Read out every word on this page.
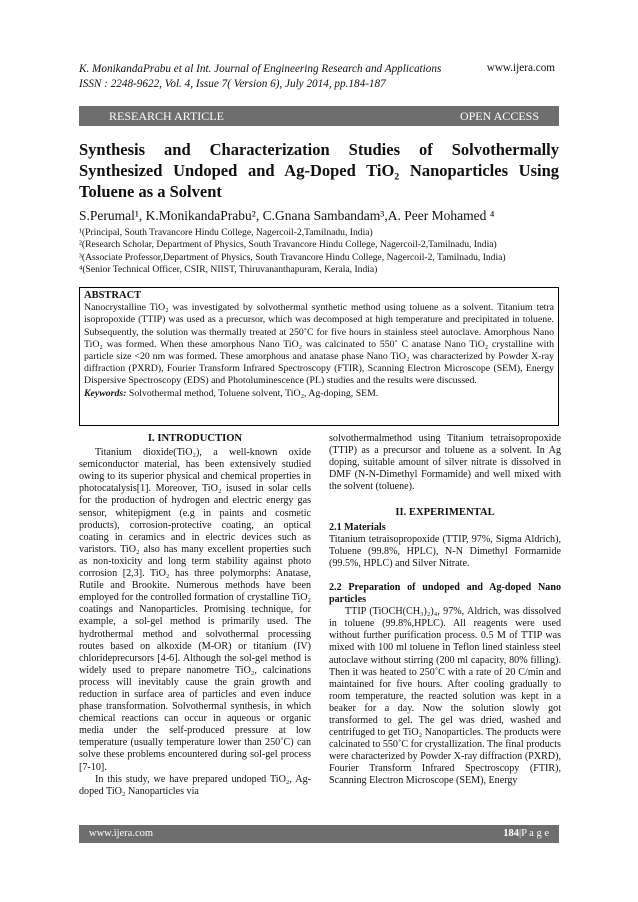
K. MonikandaPrabu et al Int. Journal of Engineering Research and Applications
ISSN : 2248-9622, Vol. 4, Issue 7( Version 6), July 2014, pp.184-187
www.ijera.com
RESEARCH ARTICLE	OPEN ACCESS
Synthesis and Characterization Studies of Solvothermally Synthesized Undoped and Ag-Doped TiO₂ Nanoparticles Using Toluene as a Solvent
S.Perumal¹, K.MonikandaPrabu², C.Gnana Sambandam³,A. Peer Mohamed ⁴
¹(Principal, South Travancore Hindu College, Nagercoil-2,Tamilnadu, India)
²(Research Scholar, Department of Physics, South Travancore Hindu College, Nagercoil-2,Tamilnadu, India)
³(Associate Professor,Department of Physics, South Travancore Hindu College, Nagercoil-2, Tamilnadu, India)
⁴(Senior Technical Officer, CSIR, NIIST, Thiruvananthapuram, Kerala, India)
ABSTRACT
Nanocrystalline TiO₂ was investigated by solvothermal synthetic method using toluene as a solvent. Titanium tetra isopropoxide (TTIP) was used as a precursor, which was decomposed at high temperature and precipitated in toluene. Subsequently, the solution was thermally treated at 250˚C for five hours in stainless steel autoclave. Amorphous Nano TiO₂ was formed. When these amorphous Nano TiO₂ was calcinated to 550˚ C anatase Nano TiO₂ crystalline with particle size <20 nm was formed. These amorphous and anatase phase Nano TiO₂ was characterized by Powder X-ray diffraction (PXRD), Fourier Transform Infrared Spectroscopy (FTIR), Scanning Electron Microscope (SEM), Energy Dispersive Spectroscopy (EDS) and Photoluminescence (PL) studies and the results were discussed.
Keywords: Solvothermal method, Toluene solvent, TiO₂, Ag-doping, SEM.
I. INTRODUCTION

Titanium dioxide(TiO₂), a well-known oxide semiconductor material, has been extensively studied owing to its superior physical and chemical properties in photocatalysis[1]. Moreover, TiO₂ isused in solar cells for the production of hydrogen and electric energy gas sensor, whitepigment (e.g in paints and cosmetic products), corrosion-protective coating, an optical coating in ceramics and in electric devices such as varistors. TiO₂ also has many excellent properties such as non-toxicity and long term stability against photo corrosion [2,3]. TiO₂ has three polymorphs: Anatase, Rutile and Brookite. Numerous methods have been employed for the controlled formation of crystalline TiO₂ coatings and Nanoparticles. Promising technique, for example, a sol-gel method is primarily used. The hydrothermal method and solvothermal processing routes based on alkoxide (M-OR) or titanium (IV) chlorideprecursors [4-6]. Although the sol-gel method is widely used to prepare nanometre TiO₂, calcinations process will inevitably cause the grain growth and reduction in surface area of particles and even induce phase transformation. Solvothermal synthesis, in which chemical reactions can occur in aqueous or organic media under the self-produced pressure at low temperature (usually temperature lower than 250˚C) can solve these problems encountered during sol-gel process [7-10].

In this study, we have prepared undoped TiO₂, Ag-doped TiO₂ Nanoparticles via

solvothermalmethod using Titanium tetraisopropoxide (TTIP) as a precursor and toluene as a solvent. In Ag doping, suitable amount of silver nitrate is dissolved in DMF (N-N-Dimethyl Formamide) and well mixed with the solvent (toluene).

II. EXPERIMENTAL
2.1 Materials

Titanium tetraisopropoxide (TTIP, 97%, Sigma Aldrich), Toluene (99.8%, HPLC), N-N Dimethyl Formamide (99.5%, HPLC) and Silver Nitrate.

2.2 Preparation of undoped and Ag-doped Nano particles

TTIP (TiOCH(CH₃)₂)₄, 97%, Aldrich, was dissolved in toluene (99.8%,HPLC). All reagents were used without further purification process. 0.5 M of TTIP was mixed with 100 ml toluene in Teflon lined stainless steel autoclave without stirring (200 ml capacity, 80% filling). Then it was heated to 250˚C with a rate of 20 C/min and maintained for five hours. After cooling gradually to room temperature, the reacted solution was kept in a beaker for a day. Now the solution slowly got transformed to gel. The gel was dried, washed and centrifuged to get TiO₂ Nanoparticles. The products were calcinated to 550˚C for crystallization. The final products were characterized by Powder X-ray diffraction (PXRD), Fourier Transform Infrared Spectroscopy (FTIR), Scanning Electron Microscope (SEM), Energy

www.ijera.com	184|P a g e
